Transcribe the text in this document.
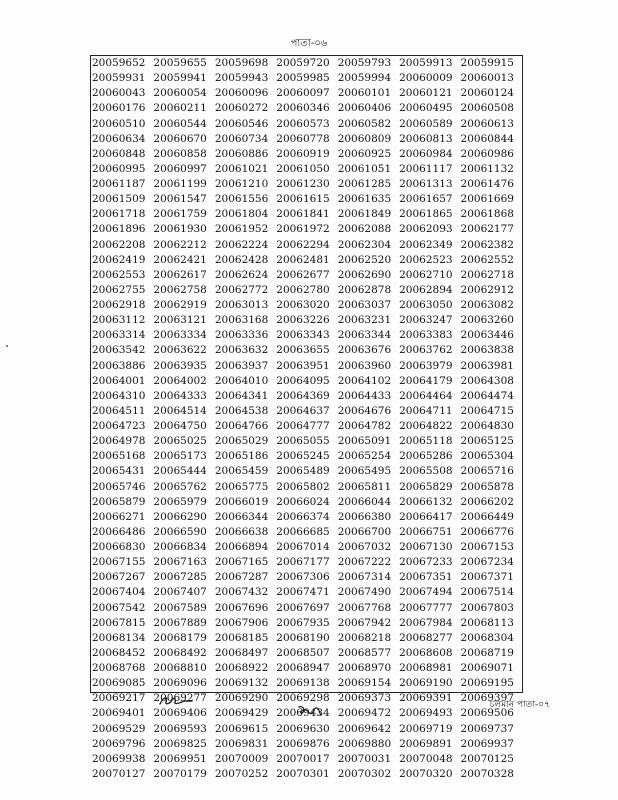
পাতা-০৬
20059652 20059655 20059698 20059720 20059793 20059913 20059915
20059931 20059941 20059943 20059985 20059994 20060009 20060013
20060043 20060054 20060096 20060097 20060101 20060121 20060124
20060176 20060211 20060272 20060346 20060406 20060495 20060508
20060510 20060544 20060546 20060573 20060582 20060589 20060613
20060634 20060670 20060734 20060778 20060809 20060813 20060844
20060848 20060858 20060886 20060919 20060925 20060984 20060986
20060995 20060997 20061021 20061050 20061051 20061117 20061132
20061187 20061199 20061210 20061230 20061285 20061313 20061476
20061509 20061547 20061556 20061615 20061635 20061657 20061669
20061718 20061759 20061804 20061841 20061849 20061865 20061868
20061896 20061930 20061952 20061972 20062088 20062093 20062177
20062208 20062212 20062224 20062294 20062304 20062349 20062382
20062419 20062421 20062428 20062481 20062520 20062523 20062552
20062553 20062617 20062624 20062677 20062690 20062710 20062718
20062755 20062758 20062772 20062780 20062878 20062894 20062912
20062918 20062919 20063013 20063020 20063037 20063050 20063082
20063112 20063121 20063168 20063226 20063231 20063247 20063260
20063314 20063334 20063336 20063343 20063344 20063383 20063446
20063542 20063622 20063632 20063655 20063676 20063762 20063838
20063886 20063935 20063937 20063951 20063960 20063979 20063981
20064001 20064002 20064010 20064095 20064102 20064179 20064308
20064310 20064333 20064341 20064369 20064433 20064464 20064474
20064511 20064514 20064538 20064637 20064676 20064711 20064715
20064723 20064750 20064766 20064777 20064782 20064822 20064830
20064978 20065025 20065029 20065055 20065091 20065118 20065125
20065168 20065173 20065186 20065245 20065254 20065286 20065304
20065431 20065444 20065459 20065489 20065495 20065508 20065716
20065746 20065762 20065775 20065802 20065811 20065829 20065878
20065879 20065979 20066019 20066024 20066044 20066132 20066202
20066271 20066290 20066344 20066374 20066380 20066417 20066449
20066486 20066590 20066638 20066685 20066700 20066751 20066776
20066830 20066834 20066894 20067014 20067032 20067130 20067153
20067155 20067163 20067165 20067177 20067222 20067233 20067234
20067267 20067285 20067287 20067306 20067314 20067351 20067371
20067404 20067407 20067432 20067471 20067490 20067494 20067514
20067542 20067589 20067696 20067697 20067768 20067777 20067803
20067815 20067889 20067906 20067935 20067942 20067984 20068113
20068134 20068179 20068185 20068190 20068218 20068277 20068304
20068452 20068492 20068497 20068507 20068577 20068608 20068719
20068768 20068810 20068922 20068947 20068970 20068981 20069071
20069085 20069096 20069132 20069138 20069154 20069190 20069195
20069217 20069277 20069290 20069298 20069373 20069391 20069397
20069401 20069406 20069429 20069434 20069472 20069493 20069506
20069529 20069593 20069615 20069630 20069642 20069719 20069737
20069796 20069825 20069831 20069876 20069880 20069891 20069937
20069938 20069951 20070009 20070017 20070031 20070048 20070125
20070127 20070179 20070252 20070301 20070302 20070320 20070328
চলমান পাতা-০৭
